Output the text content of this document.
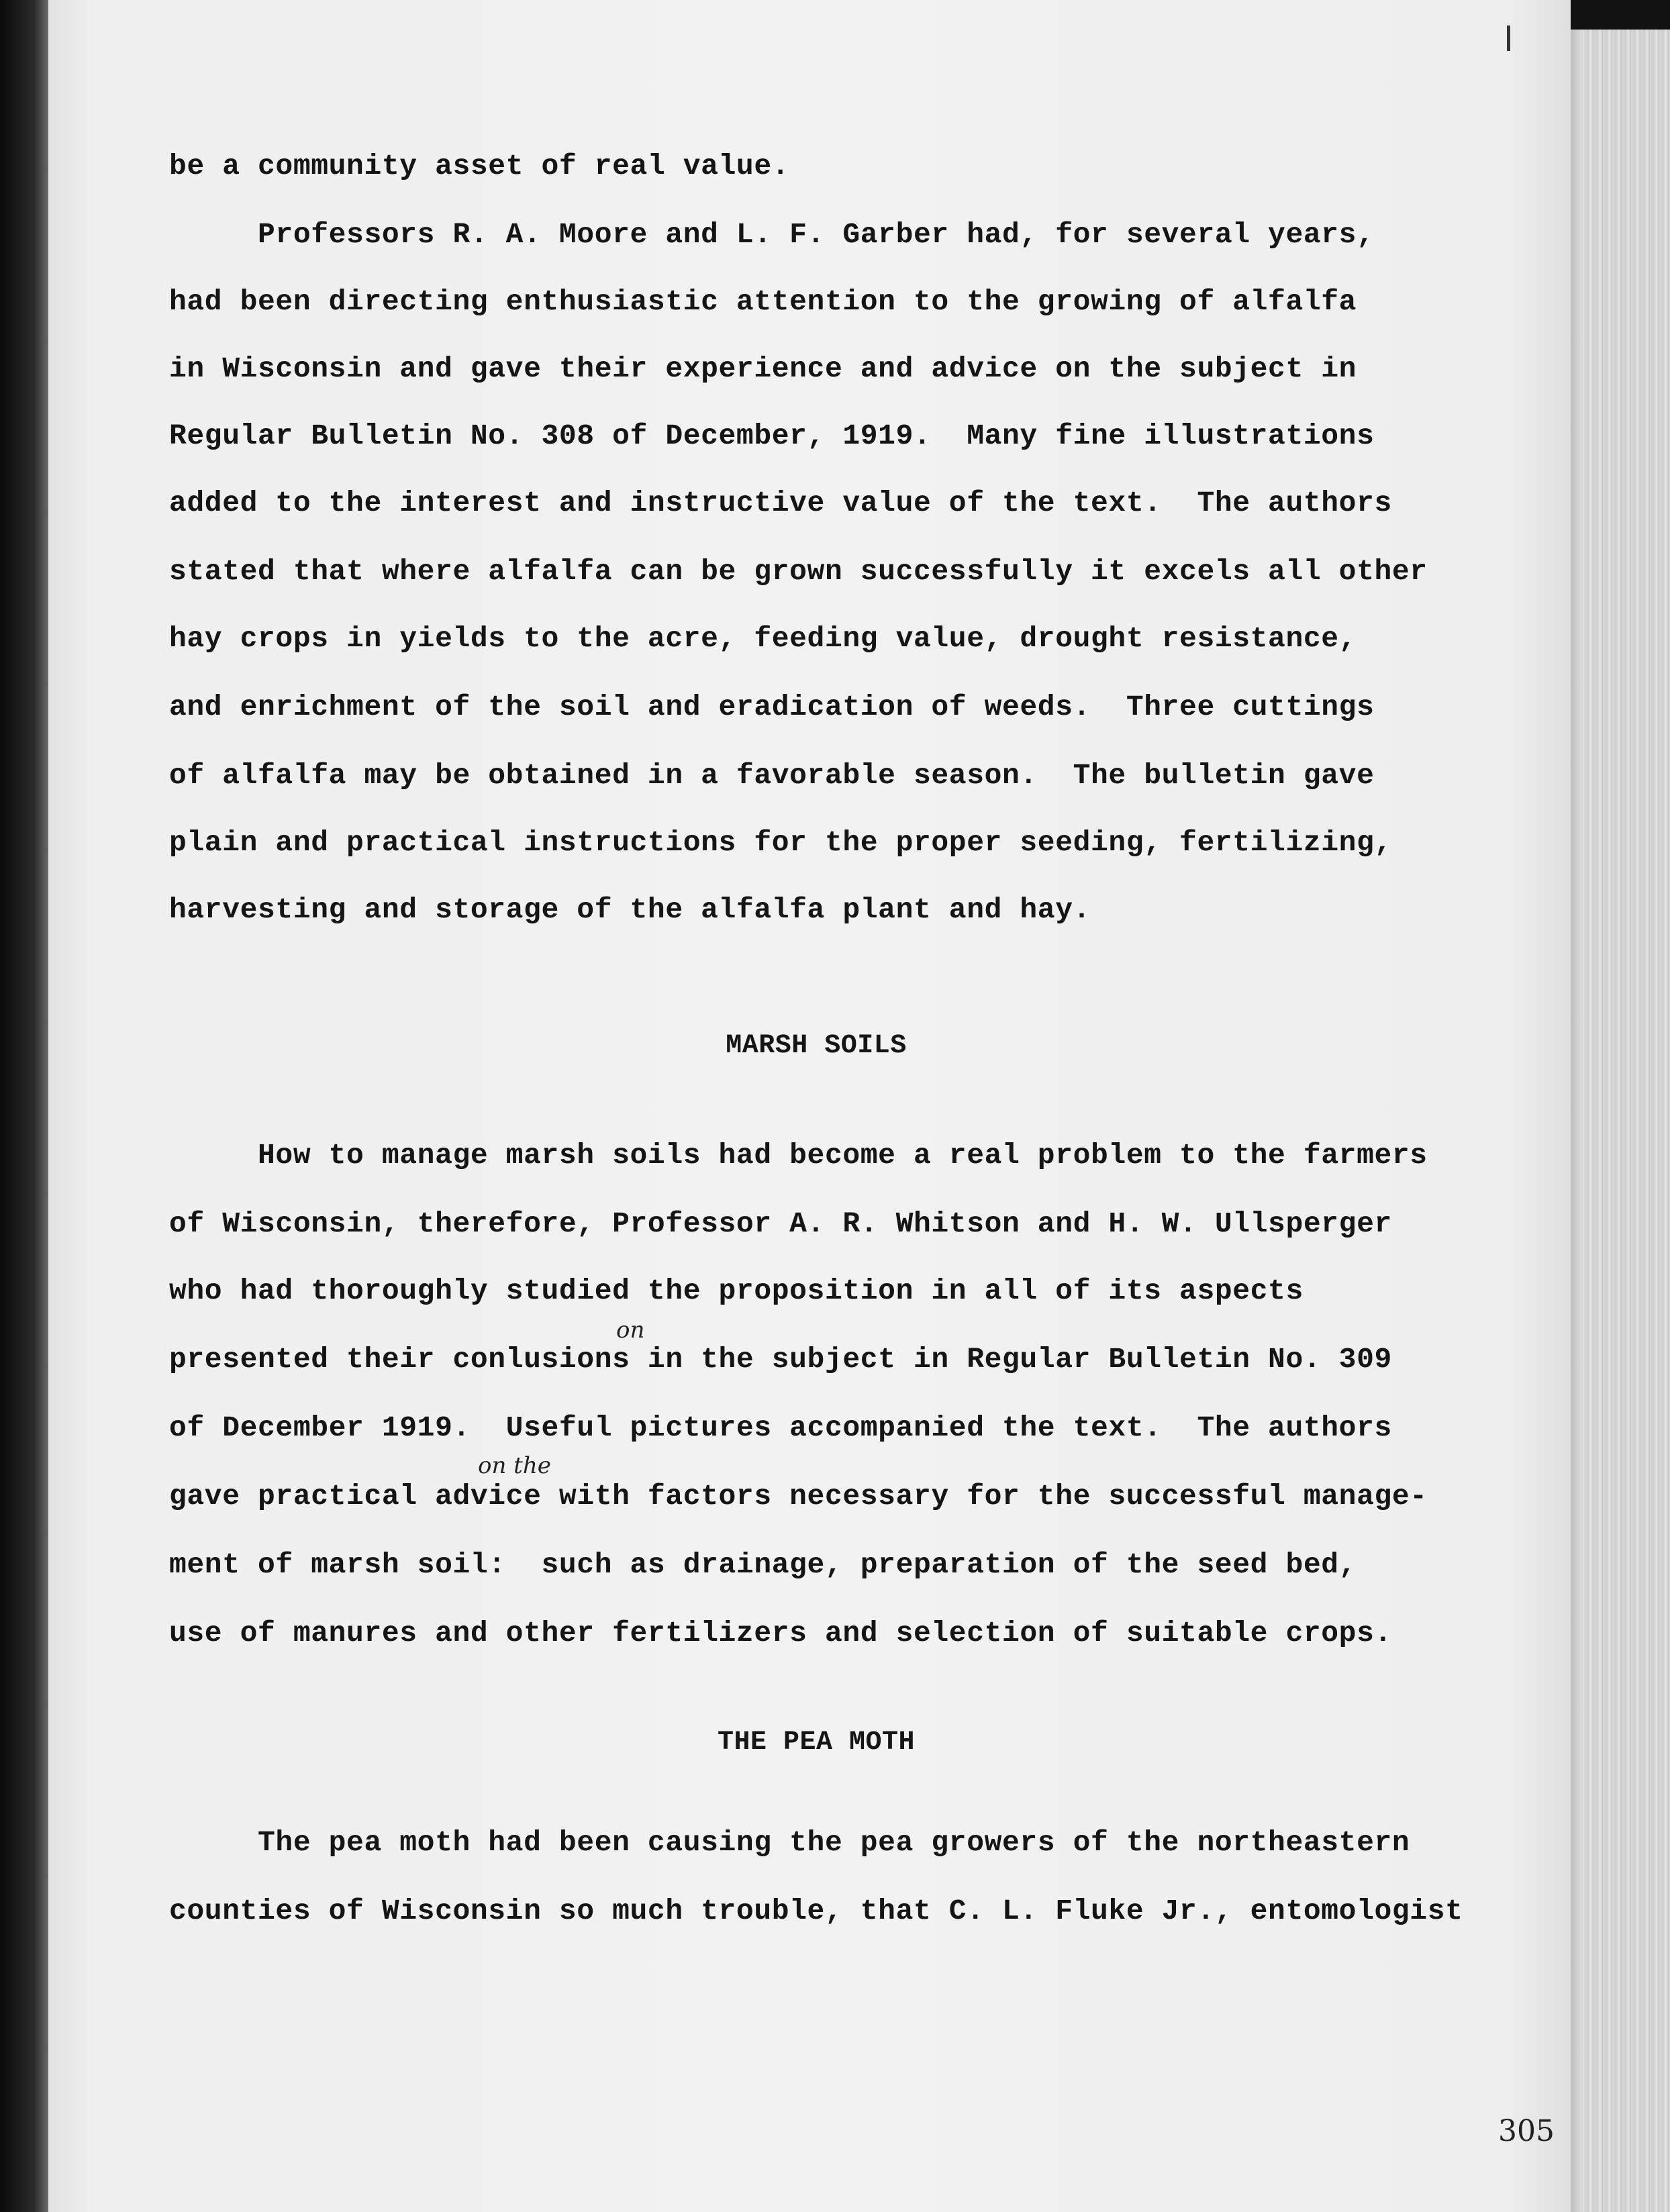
be a community asset of real value.
Professors R. A. Moore and L. F. Garber had, for several years,
had been directing enthusiastic attention to the growing of alfalfa
in Wisconsin and gave their experience and advice on the subject in
Regular Bulletin No. 308 of December, 1919.  Many fine illustrations
added to the interest and instructive value of the text.  The authors
stated that where alfalfa can be grown successfully it excels all other
hay crops in yields to the acre, feeding value, drought resistance,
and enrichment of the soil and eradication of weeds.  Three cuttings
of alfalfa may be obtained in a favorable season.  The bulletin gave
plain and practical instructions for the proper seeding, fertilizing,
harvesting and storage of the alfalfa plant and hay.
MARSH SOILS
How to manage marsh soils had become a real problem to the farmers
of Wisconsin, therefore, Professor A. R. Whitson and H. W. Ullsperger
who had thoroughly studied the proposition in all of its aspects
on
presented their conlusions in the subject in Regular Bulletin No. 309
of December 1919.  Useful pictures accompanied the text.  The authors
on the
gave practical advice with factors necessary for the successful manage-
ment of marsh soil:  such as drainage, preparation of the seed bed,
use of manures and other fertilizers and selection of suitable crops.
THE PEA MOTH
The pea moth had been causing the pea growers of the northeastern
counties of Wisconsin so much trouble, that C. L. Fluke Jr., entomologist
305
